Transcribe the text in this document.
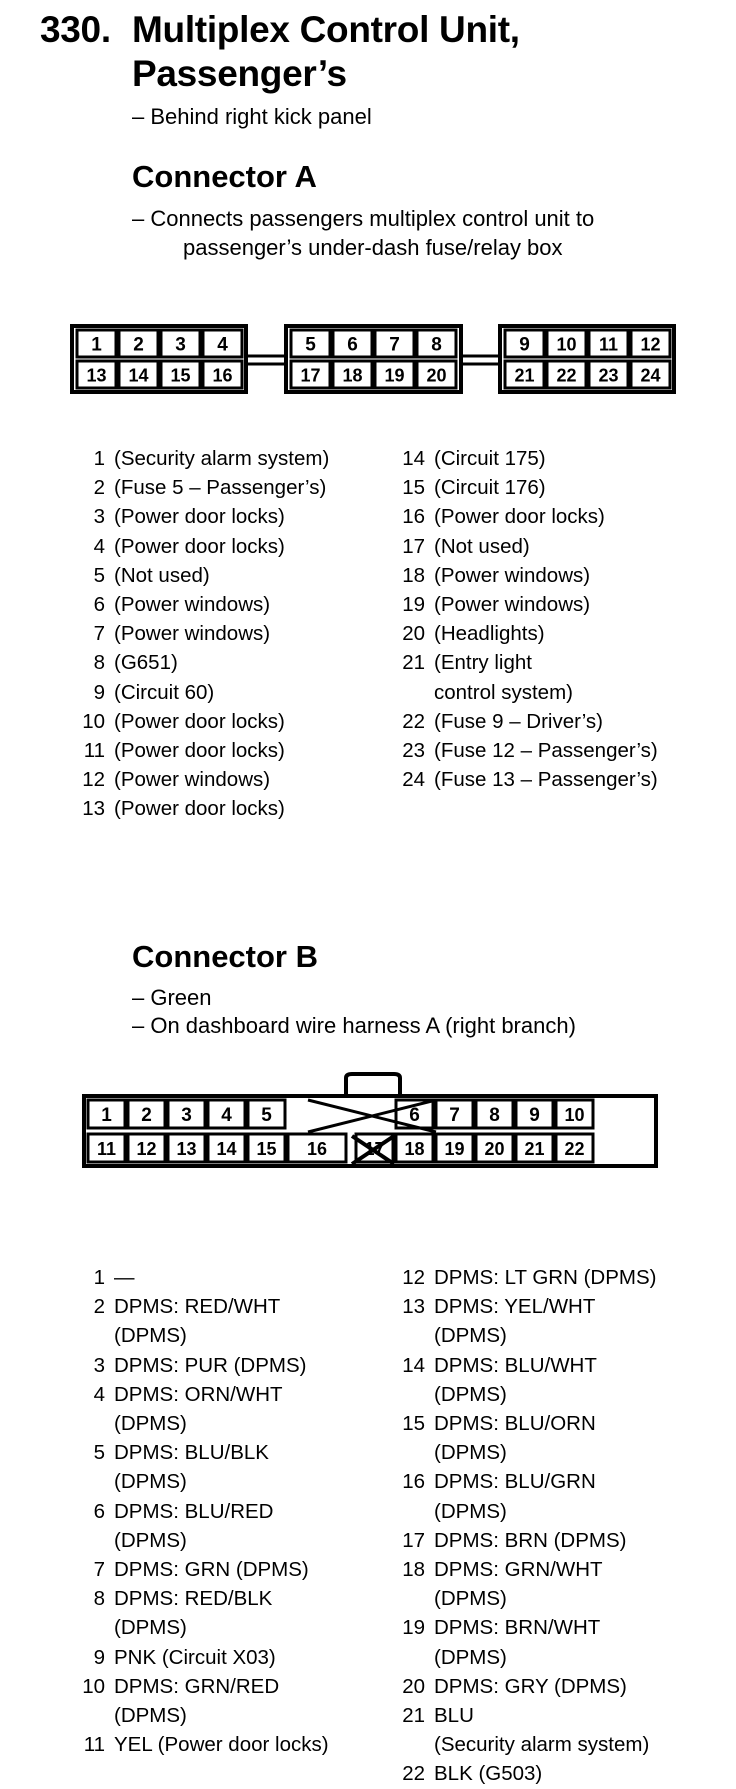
330. Multiplex Control Unit,
Passenger’s
– Behind right kick panel
Connector A
– Connects passengers multiplex control unit to
passenger’s under-dash fuse/relay box
1
13
2
14
3
15
4
16
5
17
6
18
7
19
8
20
9
21
10
22
11
23
12
24
1 (Security alarm system)
2 (Fuse 5 – Passenger’s)
3 (Power door locks)
4 (Power door locks)
5 (Not used)
6 (Power windows)
7 (Power windows)
8 (G651)
9 (Circuit 60)
10 (Power door locks)
11 (Power door locks)
12 (Power windows)
13 (Power door locks)
14 (Circuit 175)
15 (Circuit 176)
16 (Power door locks)
17 (Not used)
18 (Power windows)
19 (Power windows)
20 (Headlights)
21 (Entry light
control system)
22 (Fuse 9 – Driver’s)
23 (Fuse 12 – Passenger’s)
24 (Fuse 13 – Passenger’s)
Connector B
– Green
– On dashboard wire harness A (right branch)
1 2 3 4 5	6 7 8 9 10
11 12 13 14 15 16 17 18 19 20 21 22
1 —
2 DPMS: RED/WHT
(DPMS)
3 DPMS: PUR (DPMS)
4 DPMS: ORN/WHT
(DPMS)
5 DPMS: BLU/BLK
(DPMS)
6 DPMS: BLU/RED
(DPMS)
7 DPMS: GRN (DPMS)
8 DPMS: RED/BLK
(DPMS)
9 PNK (Circuit X03)
10 DPMS: GRN/RED
(DPMS)
11 YEL (Power door locks)
12 DPMS: LT GRN (DPMS)
13 DPMS: YEL/WHT
(DPMS)
14 DPMS: BLU/WHT
(DPMS)
15 DPMS: BLU/ORN
(DPMS)
16 DPMS: BLU/GRN
(DPMS)
17 DPMS: BRN (DPMS)
18 DPMS: GRN/WHT
(DPMS)
19 DPMS: BRN/WHT
(DPMS)
20 DPMS: GRY (DPMS)
21 BLU
(Security alarm system)
22 BLK (G503)
